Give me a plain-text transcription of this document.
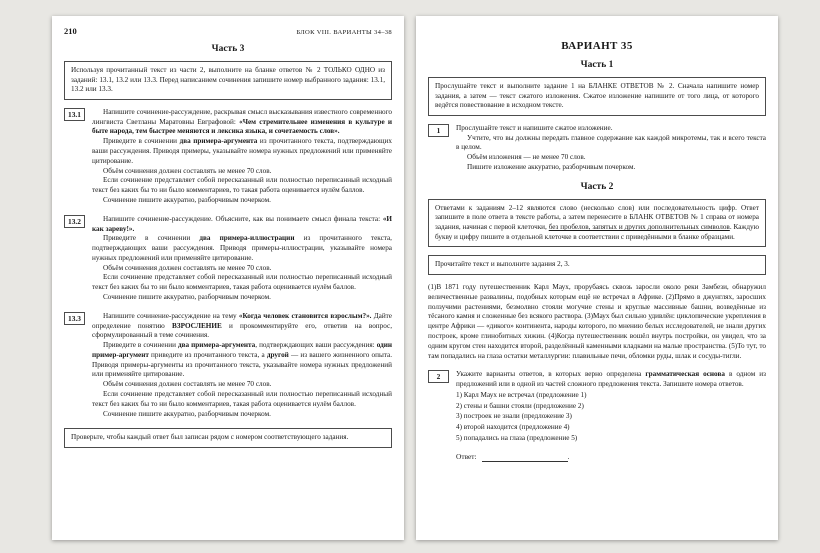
210	БЛОК VIII. ВАРИАНТЫ 34–38
Часть 3
Используя прочитанный текст из части 2, выполните на бланке ответов № 2 ТОЛЬКО ОДНО из заданий: 13.1, 13.2 или 13.3. Перед написанием сочинения запишите номер выбранного задания: 13.1, 13.2 или 13.3.
13.1	Напишите сочинение-рассуждение, раскрывая смысл высказывания известного современного лингвиста Светланы Маратовны Евграфовой: «Чем стремительнее изменения в культуре и быте народа, тем быстрее меняются и лексика языка, и сочетаемость слов».

Приведите в сочинении два примера-аргумента из прочитанного текста, подтверждающих ваши рассуждения. Приводя примеры, указывайте номера нужных предложений или применяйте цитирование.

Объём сочинения должен составлять не менее 70 слов.

Если сочинение представляет собой пересказанный или полностью переписанный исходный текст без каких бы то ни было комментариев, то такая работа оценивается нулём баллов.

Сочинение пишите аккуратно, разборчивым почерком.

13.2	Напишите сочинение-рассуждение. Объясните, как вы понимаете смысл финала текста: «И как зареву!».

Приведите в сочинении два примера-иллюстрации из прочитанного текста, подтверждающих ваши рассуждения. Приводя примеры-иллюстрации, указывайте номера нужных предложений или применяйте цитирование.

Объём сочинения должен составлять не менее 70 слов.

Если сочинение представляет собой пересказанный или полностью переписанный исходный текст без каких бы то ни было комментариев, такая работа оценивается нулём баллов.

Сочинение пишите аккуратно, разборчивым почерком.

13.3	Напишите сочинение-рассуждение на тему «Когда человек становится взрослым?». Дайте определение понятию ВЗРОСЛЕНИЕ и прокомментируйте его, ответив на вопрос, сформулированный в теме сочинения.

Приведите в сочинении два примера-аргумента, подтверждающих ваши рассуждения: один пример-аргумент приведите из прочитанного текста, а другой — из вашего жизненного опыта. Приводя примеры-аргументы из прочитанного текста, указывайте номера нужных предложений или применяйте цитирование.

Объём сочинения должен составлять не менее 70 слов.

Если сочинение представляет собой пересказанный или полностью переписанный исходный текст без каких бы то ни было комментариев, такая работа оценивается нулём баллов.

Сочинение пишите аккуратно, разборчивым почерком.

Проверьте, чтобы каждый ответ был записан рядом с номером соответствующего задания.
ВАРИАНТ 35
Часть 1
Прослушайте текст и выполните задание 1 на БЛАНКЕ ОТВЕТОВ № 2. Сначала напишите номер задания, а затем — текст сжатого изложения. Сжатое изложение напишите от того лица, от которого ведётся повествование в исходном тексте.
1	Прослушайте текст и напишите сжатое изложение.

Учтите, что вы должны передать главное содержание как каждой микротемы, так и всего текста в целом.

Объём изложения — не менее 70 слов.

Пишите изложение аккуратно, разборчивым почерком.

Часть 2
Ответами к заданиям 2–12 являются слово (несколько слов) или последовательность цифр. Ответ запишите в поле ответа в тексте работы, а затем перенесите в БЛАНК ОТВЕТОВ № 1 справа от номера задания, начиная с первой клеточки, без пробелов, запятых и других дополнительных символов. Каждую букву и цифру пишите в отдельной клеточке в соответствии с приведёнными в бланке образцами.
Прочитайте текст и выполните задания 2, 3.
(1)В 1871 году путешественник Карл Маух, прорубаясь сквозь заросли около реки Замбези, обнаружил величественные развалины, подобных которым ещё не встречал в Африке. (2)Прямо в джунглях, заросших ползучими растениями, безмолвно стояли могучие стены и круглые массивные башни, возведённые из тёсаного камня и сложенные без всякого раствора. (3)Маух был сильно удивлён: циклопические укрепления в центре Африки — «дикого» континента, народы которого, по мнению белых исследователей, не знали других построек, кроме глинобитных хижин. (4)Когда путешественник вошёл внутрь постройки, он увидел, что за одним кругом стен находится второй, разделённый каменными кладками на малые пространства. (5)То тут, то там попадались на глаза остатки металлургии: плавильные печи, обломки руды, шлак и сосуды-тигли.
2	Укажите варианты ответов, в которых верно определена грамматическая основа в одном из предложений или в одной из частей сложного предложения текста. Запишите номера ответов.

1) Карл Маух не встречал (предложение 1)

2) стены и башни стояли (предложение 2)

3) построек не знали (предложение 3)

4) второй находится (предложение 4)

5) попадались на глаза (предложение 5)

Ответ:	.
